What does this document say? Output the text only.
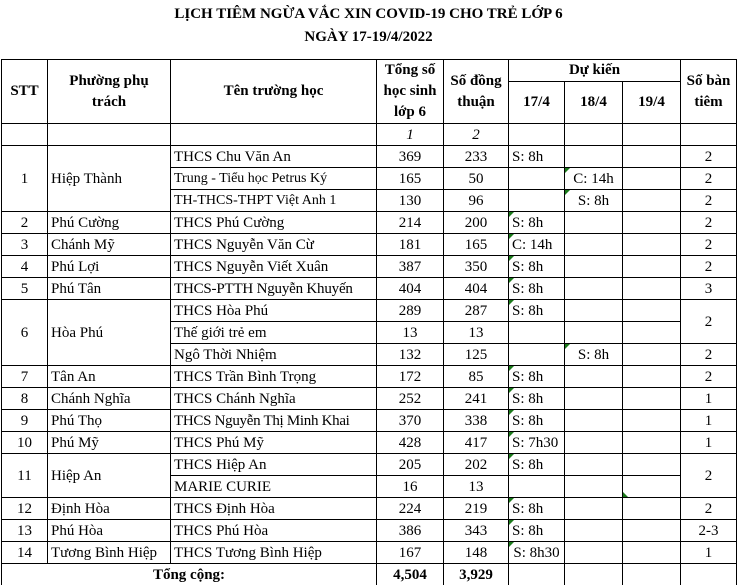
LỊCH TIÊM NGỪA VẮC XIN COVID-19 CHO TRẺ LỚP 6
NGÀY 17-19/4/2022
STT	Phường phụ trách	Tên trường học	Tổng số học sinh lớp 6	Số đồng thuận	Dự kiến			Số bàn tiêm
					17/4	18/4	19/4	

			1	2				
1	Hiệp Thành	THCS Chu Văn An	369	233	S: 8h			2
		Trung - Tiểu học Petrus Ký	165	50		C: 14h		2
		TH-THCS-THPT Việt Anh 1	130	96		S: 8h		2
2	Phú Cường	THCS Phú Cường	214	200	S: 8h			2
3	Chánh Mỹ	THCS Nguyễn Văn Cừ	181	165	C: 14h			2
4	Phú Lợi	THCS Nguyễn Viết Xuân	387	350	S: 8h			2
5	Phú Tân	THCS-PTTH Nguyễn Khuyến	404	404	S: 8h			3
6	Hòa Phú	THCS Hòa Phú	289	287	S: 8h			2
		Thế giới trẻ em	13	13				
		Ngô Thời Nhiệm	132	125		S: 8h		2
7	Tân An	THCS Trần Bình Trọng	172	85	S: 8h			2
8	Chánh Nghĩa	THCS Chánh Nghĩa	252	241	S: 8h			1
9	Phú Thọ	THCS Nguyễn Thị Minh Khai	370	338	S: 8h			1
10	Phú Mỹ	THCS Phú Mỹ	428	417	S: 7h30			1
11	Hiệp An	THCS Hiệp An	205	202	S: 8h			2
		MARIE CURIE	16	13				
12	Định Hòa	THCS Định Hòa	224	219	S: 8h			2
13	Phú Hòa	THCS Phú Hòa	386	343	S: 8h			2-3
14	Tương Bình Hiệp	THCS Tương Bình Hiệp	167	148	S: 8h30			1
Tổng cộng:			4,504	3,929				
